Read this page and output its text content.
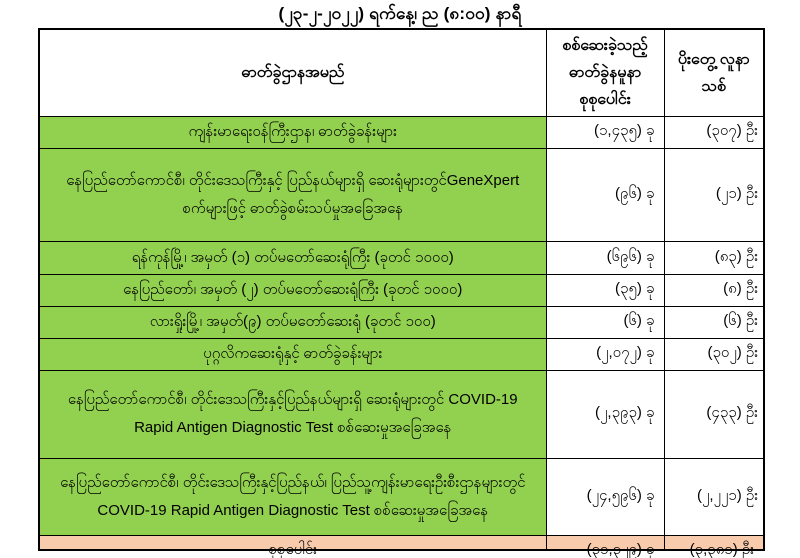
(၂၃-၂-၂၀၂၂) ရက်နေ့၊ ည (၈:၀၀) နာရီ
ဓာတ်ခွဲဌာနအမည်	စစ်ဆေးခဲ့သည့် ဓာတ်ခွဲနမူနာ စုစုပေါင်း	ပိုးတွေ့ လူနာသစ်
ကျန်းမာရေးဝန်ကြီးဌာန၊ ဓာတ်ခွဲခန်းများ	(၁,၄၃၅) ခု	(၃၀၇) ဦး
နေပြည်တော်ကောင်စီ၊ တိုင်းဒေသကြီးနှင့် ပြည်နယ်များရှိ ဆေးရုံများတွင်GeneXpert စက်များဖြင့် ဓာတ်ခွဲစမ်းသပ်မှုအခြေအနေ	(၉၆) ခု	(၂၁) ဦး
ရန်ကုန်မြို့၊ အမှတ် (၁) တပ်မတော်ဆေးရုံကြီး (ခုတင် ၁၀၀၀)	(၆၉၆) ခု	(၈၃) ဦး
နေပြည်တော်၊ အမှတ် (၂) တပ်မတော်ဆေးရုံကြီး (ခုတင် ၁၀၀၀)	(၃၅) ခု	(၈) ဦး
လားရှိုးမြို့၊ အမှတ်(၉) တပ်မတော်ဆေးရုံ (ခုတင် ၁၀၀)	(၆) ခု	(၆) ဦး
ပုဂ္ဂလိကဆေးရုံနှင့် ဓာတ်ခွဲခန်းများ	(၂,၀၇၂) ခု	(၃၀၂) ဦး
နေပြည်တော်ကောင်စီ၊ တိုင်းဒေသကြီးနှင့်ပြည်နယ်များရှိ ဆေးရုံများတွင် COVID-19 Rapid Antigen Diagnostic Test စစ်ဆေးမှုအခြေအနေ	(၂,၃၉၃) ခု	(၄၃၃) ဦး
နေပြည်တော်ကောင်စီ၊ တိုင်းဒေသကြီးနှင့်ပြည်နယ်၊ ပြည်သူ့ကျန်းမာရေးဦးစီးဌာနများတွင် COVID-19 Rapid Antigen Diagnostic Test စစ်ဆေးမှုအခြေအနေ	(၂၄,၅၉၆) ခု	(၂,၂၂၁) ဦး

စုစုပေါင်း	(၃၁,၃၂၉) ခု	(၃,၃၈၁) ဦး
